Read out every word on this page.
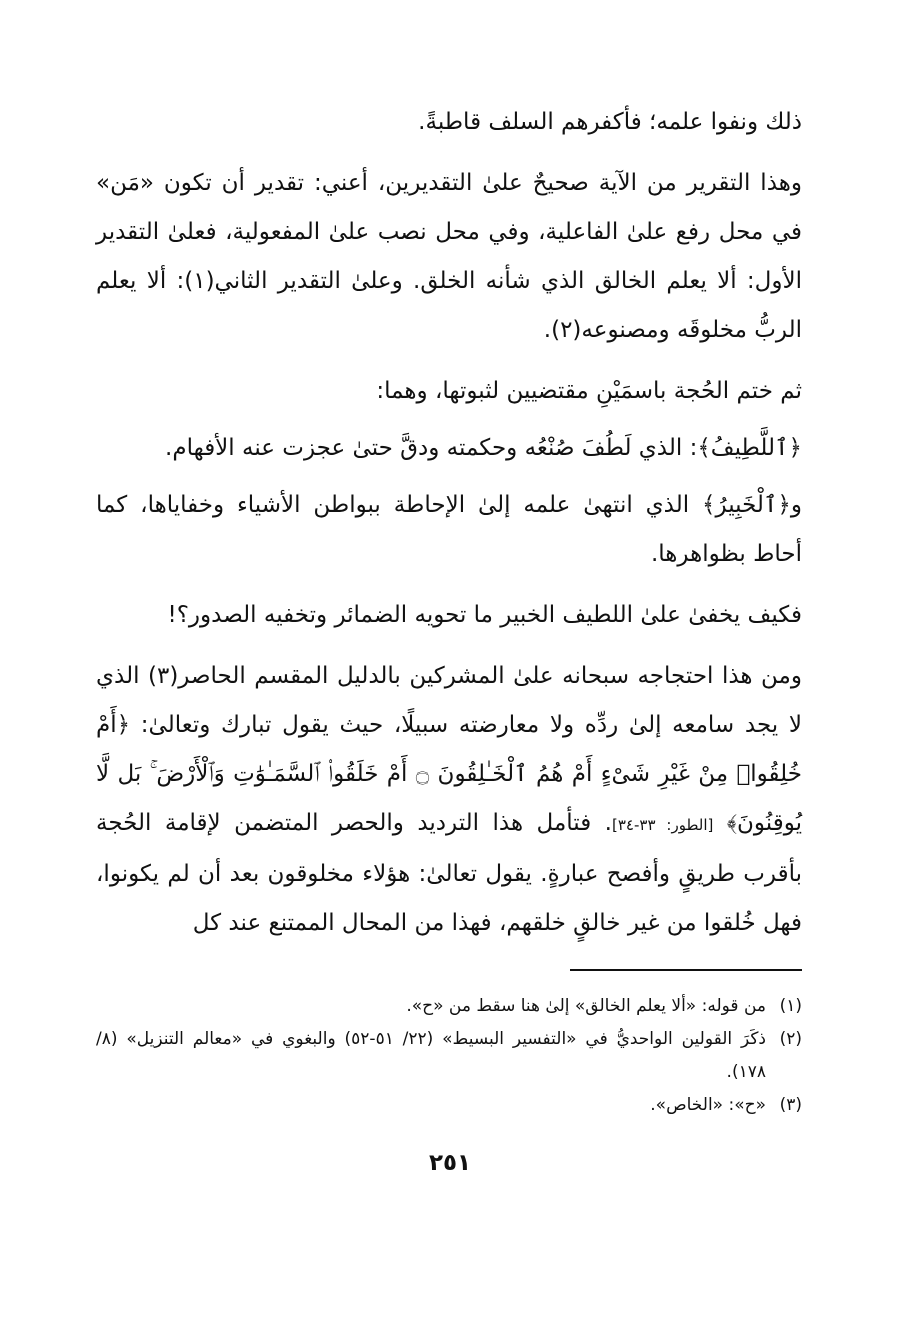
ذلك ونفوا علمه؛ فأكفرهم السلف قاطبةً.

وهذا التقرير من الآية صحيحٌ علىٰ التقديرين، أعني: تقدير أن تكون «مَن» في محل رفع علىٰ الفاعلية، وفي محل نصب علىٰ المفعولية، فعلىٰ التقدير الأول: ألا يعلم الخالق الذي شأنه الخلق. وعلىٰ التقدير الثاني(١): ألا يعلم الربُّ مخلوقَه ومصنوعه(٢).

ثم ختم الحُجة باسمَيْنِ مقتضيين لثبوتها، وهما:

﴿ٱللَّطِيفُ﴾: الذي لَطُفَ صُنْعُه وحكمته ودقَّ حتىٰ عجزت عنه الأفهام.

و﴿ٱلْخَبِيرُ﴾ الذي انتهىٰ علمه إلىٰ الإحاطة ببواطن الأشياء وخفاياها، كما أحاط بظواهرها.

فكيف يخفىٰ علىٰ اللطيف الخبير ما تحويه الضمائر وتخفيه الصدور؟!

ومن هذا احتجاجه سبحانه علىٰ المشركين بالدليل المقسم الحاصر(٣) الذي لا يجد سامعه إلىٰ ردِّه ولا معارضته سبيلًا، حيث يقول تبارك وتعالىٰ: ﴿أَمْ خُلِقُوا۟ مِنْ غَيْرِ شَىْءٍ أَمْ هُمُ ٱلْخَـٰلِقُونَ ۝ أَمْ خَلَقُوا۟ ٱلسَّمَـٰوَٰتِ وَٱلْأَرْضَ ۚ بَل لَّا يُوقِنُونَ﴾ [الطور: ٣٣-٣٤]. فتأمل هذا الترديد والحصر المتضمن لإقامة الحُجة بأقرب طريقٍ وأفصح عبارةٍ. يقول تعالىٰ: هؤلاء مخلوقون بعد أن لم يكونوا، فهل خُلقوا من غير خالقٍ خلقهم، فهذا من المحال الممتنع عند كل

(١)
من قوله: «ألا يعلم الخالق» إلىٰ هنا سقط من «ح».
(٢)
ذكَرَ القولين الواحديُّ في «التفسير البسيط» (٢٢/ ٥١-٥٢) والبغوي في «معالم التنزيل» (٨/ ١٧٨).
(٣)
«ح»: «الخاص».
٢٥١
